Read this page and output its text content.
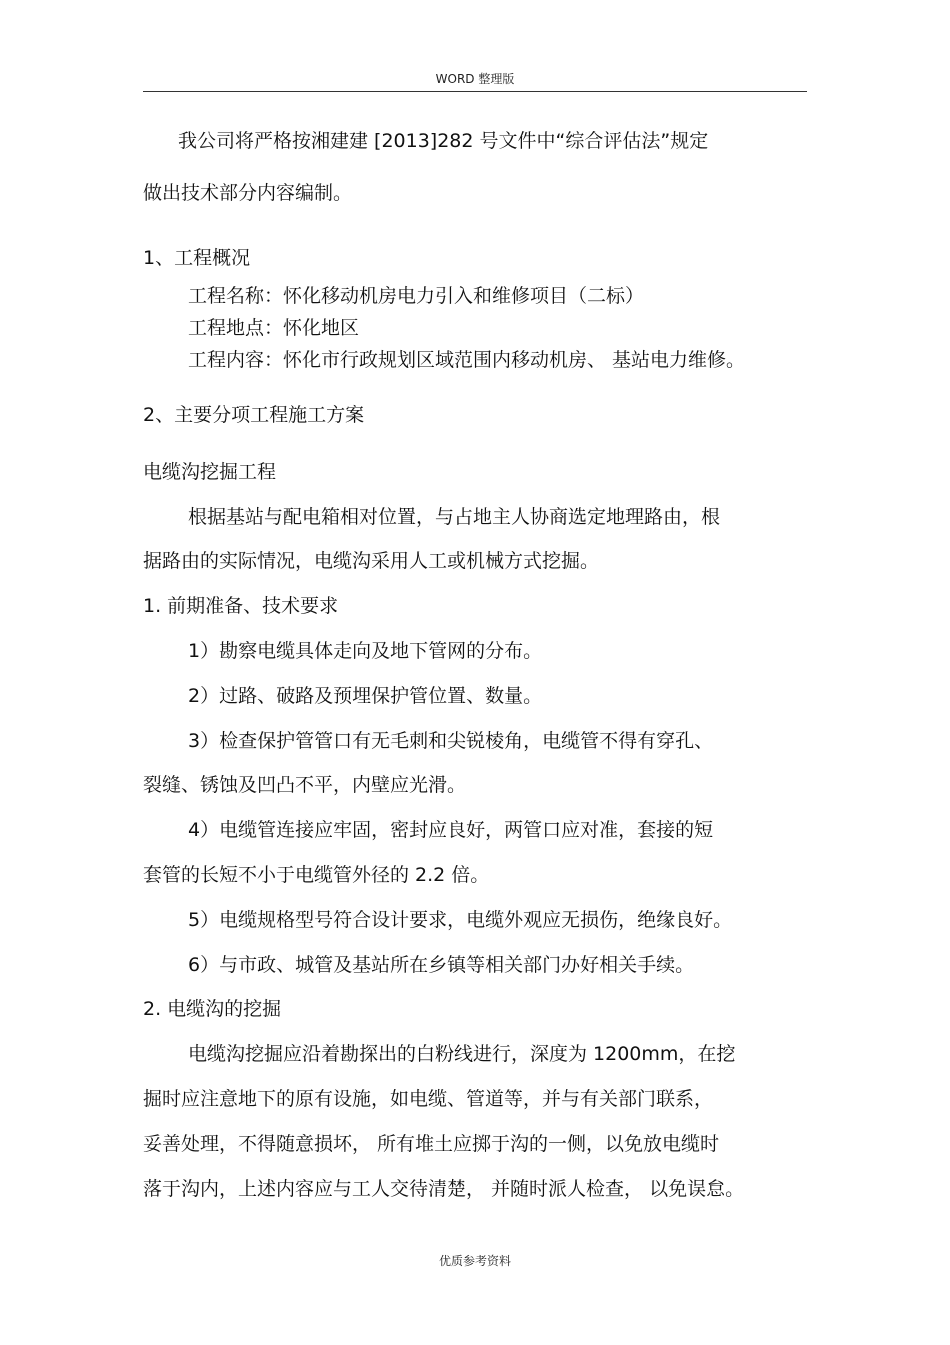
WORD 整理版
我公司将严格按湘建建 [2013]282 号文件中“综合评估法”规定
做出技术部分内容编制。
1、工程概况
工程名称：怀化移动机房电力引入和维修项目（二标）
工程地点：怀化地区
工程内容：怀化市行政规划区域范围内移动机房、 基站电力维修。
2、主要分项工程施工方案
电缆沟挖掘工程
根据基站与配电箱相对位置，与占地主人协商选定地理路由，根
据路由的实际情况，电缆沟采用人工或机械方式挖掘。
1. 前期准备、技术要求
1）勘察电缆具体走向及地下管网的分布。
2）过路、破路及预埋保护管位置、数量。
3）检查保护管管口有无毛刺和尖锐棱角，电缆管不得有穿孔、
裂缝、锈蚀及凹凸不平，内壁应光滑。
4）电缆管连接应牢固，密封应良好，两管口应对准，套接的短
套管的长短不小于电缆管外径的 2.2 倍。
5）电缆规格型号符合设计要求，电缆外观应无损伤，绝缘良好。
6）与市政、城管及基站所在乡镇等相关部门办好相关手续。
2. 电缆沟的挖掘
电缆沟挖掘应沿着勘探出的白粉线进行，深度为 1200mm，在挖
掘时应注意地下的原有设施，如电缆、管道等，并与有关部门联系，
妥善处理，不得随意损坏， 所有堆土应掷于沟的一侧，以免放电缆时
落于沟内，上述内容应与工人交待清楚， 并随时派人检查， 以免误怠。
优质参考资料
